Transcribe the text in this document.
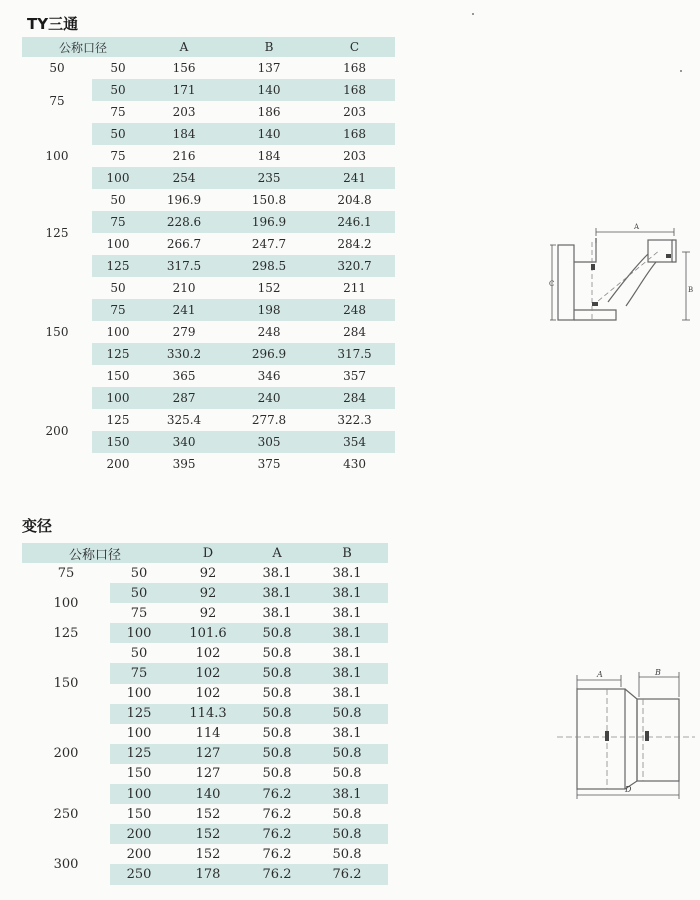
TY三通
公称口径		A	B	C
50	50	156	137	168
75	50	171	140	168
	75	203	186	203
100	50	184	140	168
	75	216	184	203
	100	254	235	241
125	50	196.9	150.8	204.8
	75	228.6	196.9	246.1
	100	266.7	247.7	284.2
	125	317.5	298.5	320.7
150	50	210	152	211
	75	241	198	248
	100	279	248	284
	125	330.2	296.9	317.5
	150	365	346	357
200	100	287	240	284
	125	325.4	277.8	322.3
	150	340	305	354
	200	395	375	430
A
B
C
变径
公称口径		D	A	B
75	50	92	38.1	38.1
100	50	92	38.1	38.1
	75	92	38.1	38.1
125	100	101.6	50.8	38.1
150	50	102	50.8	38.1
	75	102	50.8	38.1
	100	102	50.8	38.1
	125	114.3	50.8	50.8
200	100	114	50.8	38.1
	125	127	50.8	50.8
	150	127	50.8	50.8
250	100	140	76.2	38.1
	150	152	76.2	50.8
	200	152	76.2	50.8
300	200	152	76.2	50.8
	250	178	76.2	76.2
A	B
D
